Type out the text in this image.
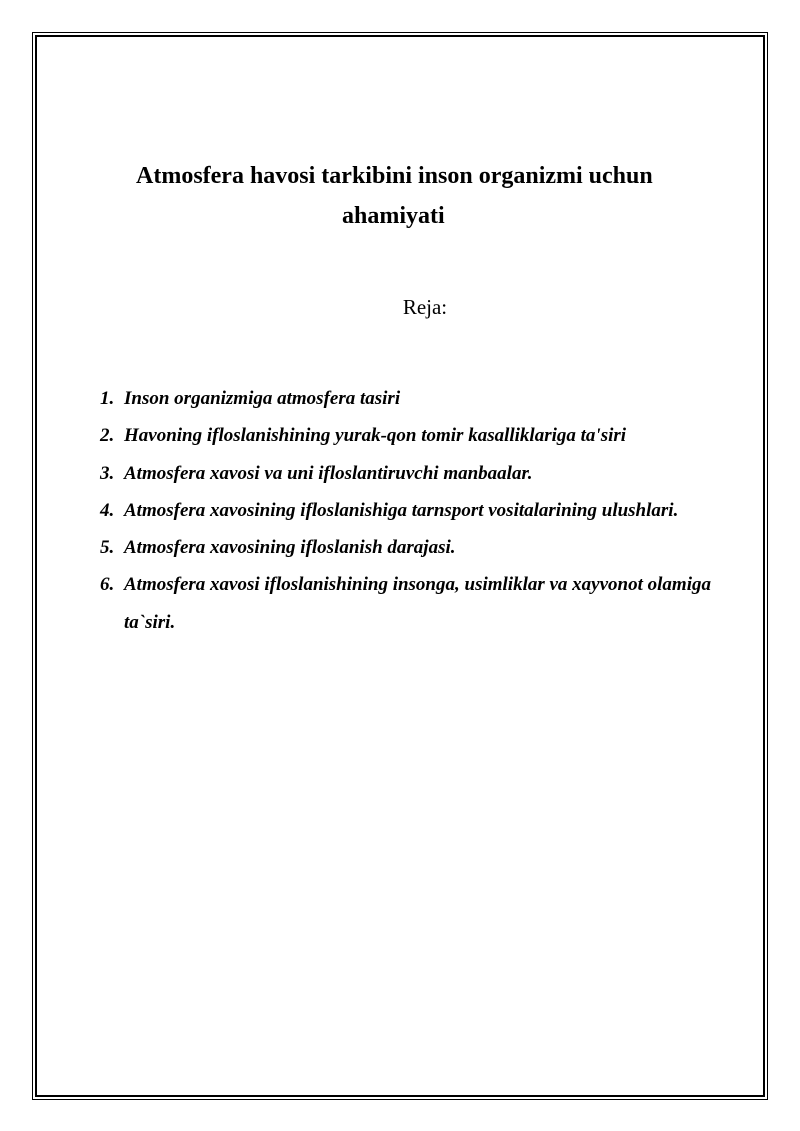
Atmosfera havosi tarkibini inson organizmi uchun
ahamiyati

Reja:

1. Inson organizmiga atmosfera tasiri
2. Havoning ifloslanishining yurak-qon tomir kasalliklariga ta'siri
3. Atmosfera xavosi va uni ifloslantiruvchi manbaalar.
4. Atmosfera xavosining ifloslanishiga tarnsport vositalarining ulushlari.
5. Atmosfera xavosining ifloslanish darajasi.
6. Atmosfera xavosi ifloslanishining insonga, usimliklar va xayvonot olamiga ta`siri.
